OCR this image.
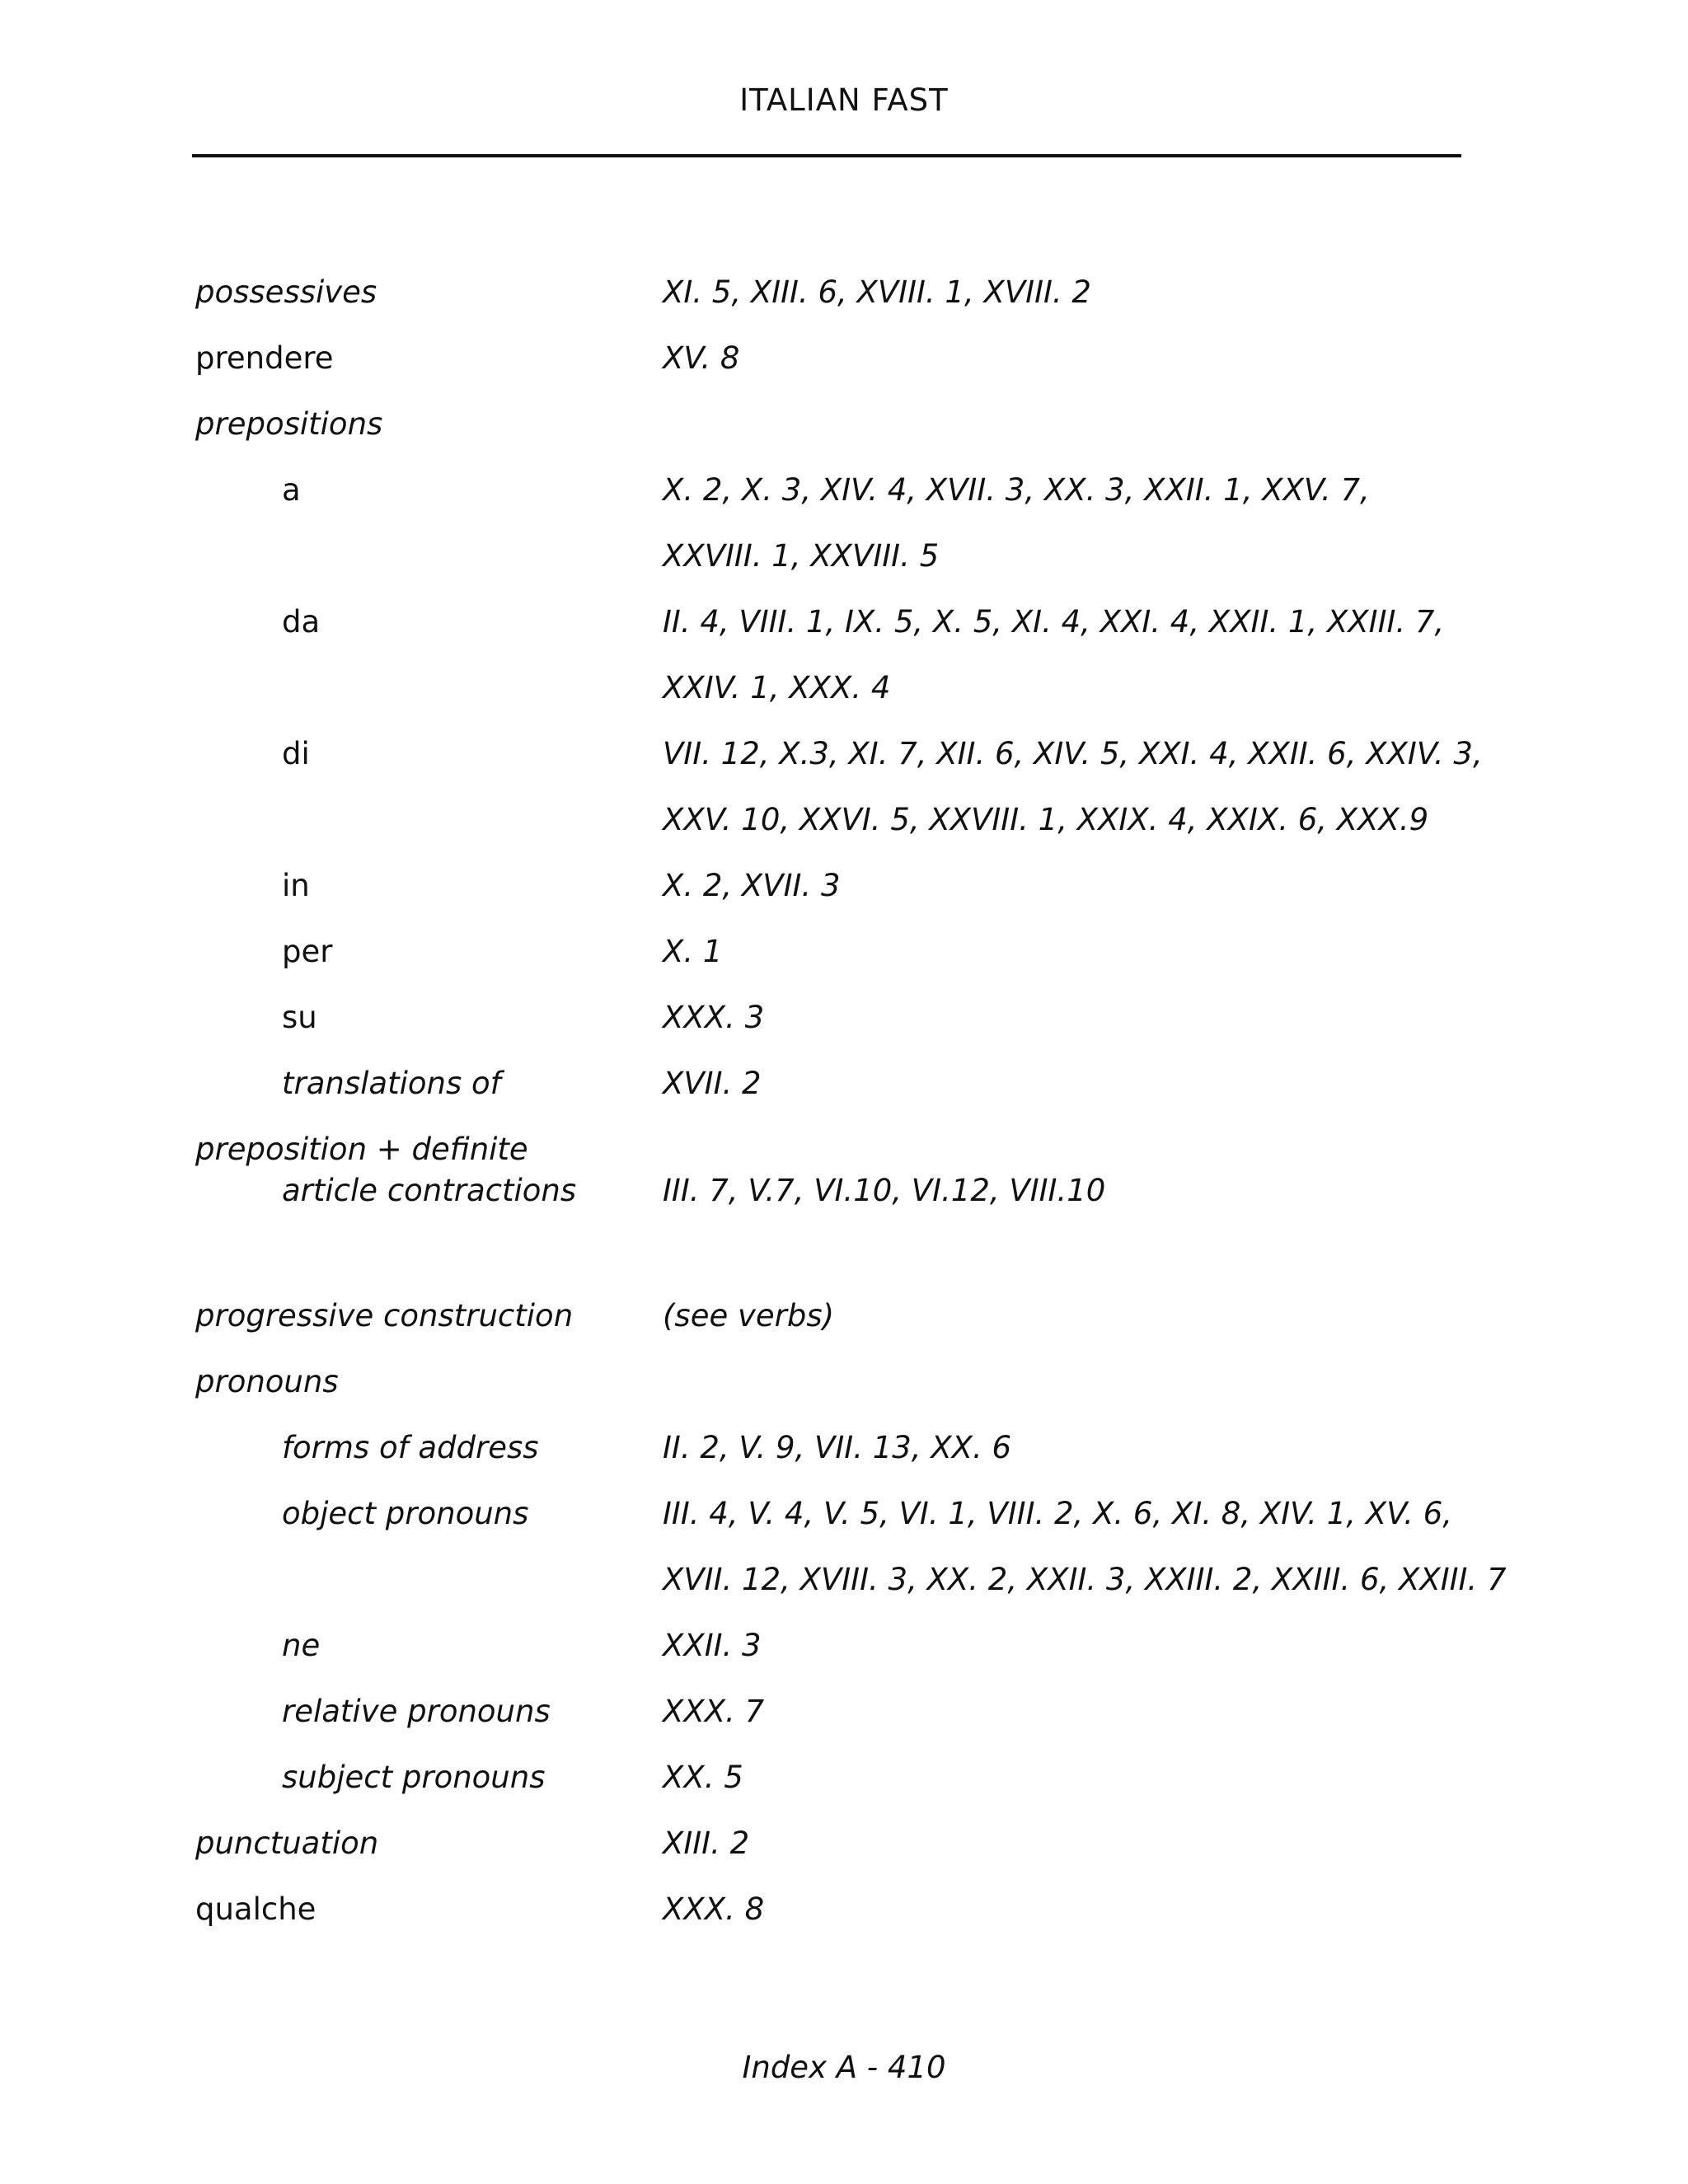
ITALIAN FAST
possessives	XI. 5, XIII. 6, XVIII. 1, XVIII. 2
prendere	XV. 8
prepositions
a	X. 2, X. 3, XIV. 4, XVII. 3, XX. 3, XXII. 1, XXV. 7,
XXVIII. 1, XXVIII. 5
da	II. 4, VIII. 1, IX. 5, X. 5, XI. 4, XXI. 4, XXII. 1, XXIII. 7,
XXIV. 1, XXX. 4
di	VII. 12, X.3, XI. 7, XII. 6, XIV. 5, XXI. 4, XXII. 6, XXIV. 3,
XXV. 10, XXVI. 5, XXVIII. 1, XXIX. 4, XXIX. 6, XXX.9
in	X. 2, XVII. 3
per	X. 1
su	XXX. 3
translations of	XVII. 2
preposition + definite
article contractions	III. 7, V.7, VI.10, VI.12, VIII.10
progressive construction	(see verbs)
pronouns
forms of address	II. 2, V. 9, VII. 13, XX. 6
object pronouns	III. 4, V. 4, V. 5, VI. 1, VIII. 2, X. 6, XI. 8, XIV. 1, XV. 6,
XVII. 12, XVIII. 3, XX. 2, XXII. 3, XXIII. 2, XXIII. 6, XXIII. 7
ne	XXII. 3
relative pronouns	XXX. 7
subject pronouns	XX. 5
punctuation	XIII. 2
qualche	XXX. 8
Index A - 410
